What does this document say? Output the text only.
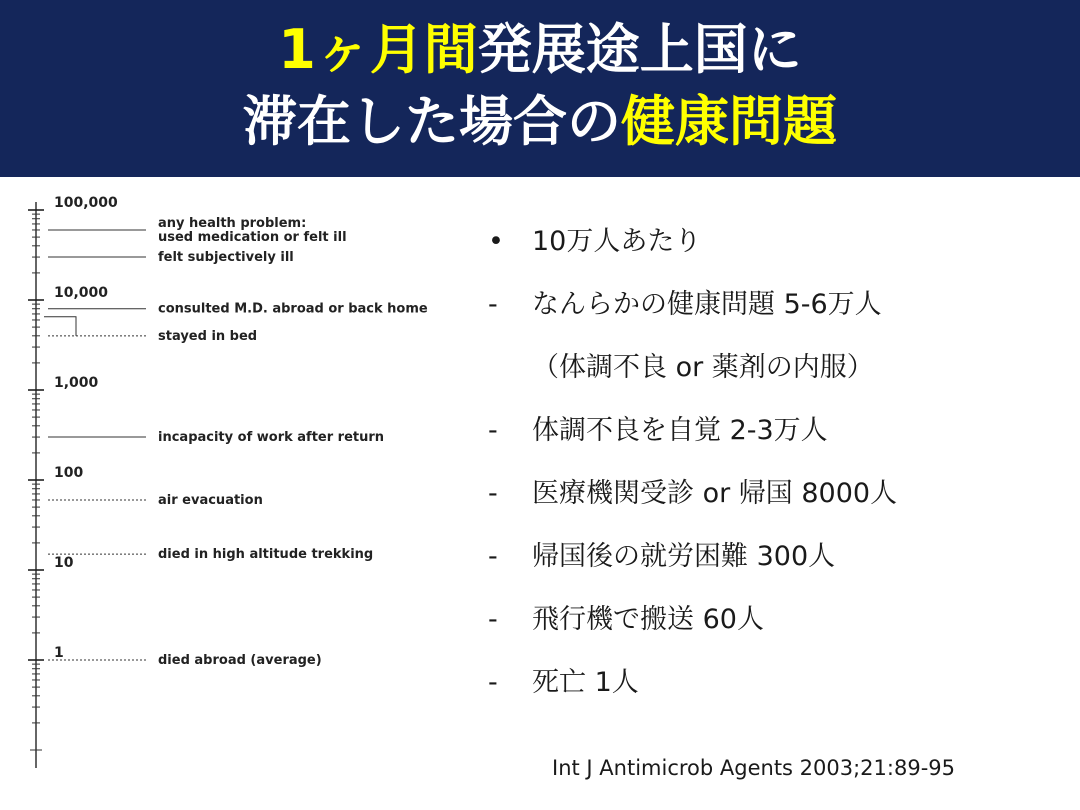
1ヶ月間発展途上国に
滞在した場合の健康問題
100,000
10,000
1,000
100
10
1
any health problem:
used medication or felt ill
felt subjectively ill
consulted M.D. abroad or back home
stayed in bed
incapacity of work after return
air evacuation
died in high altitude trekking
died abroad (average)
• 10万人あたり
- なんらかの健康問題 5-6万人
（体調不良 or 薬剤の内服）
- 体調不良を自覚 2-3万人
- 医療機関受診 or 帰国 8000人
- 帰国後の就労困難 300人
- 飛行機で搬送 60人
- 死亡 1人
Int J Antimicrob Agents 2003;21:89-95
